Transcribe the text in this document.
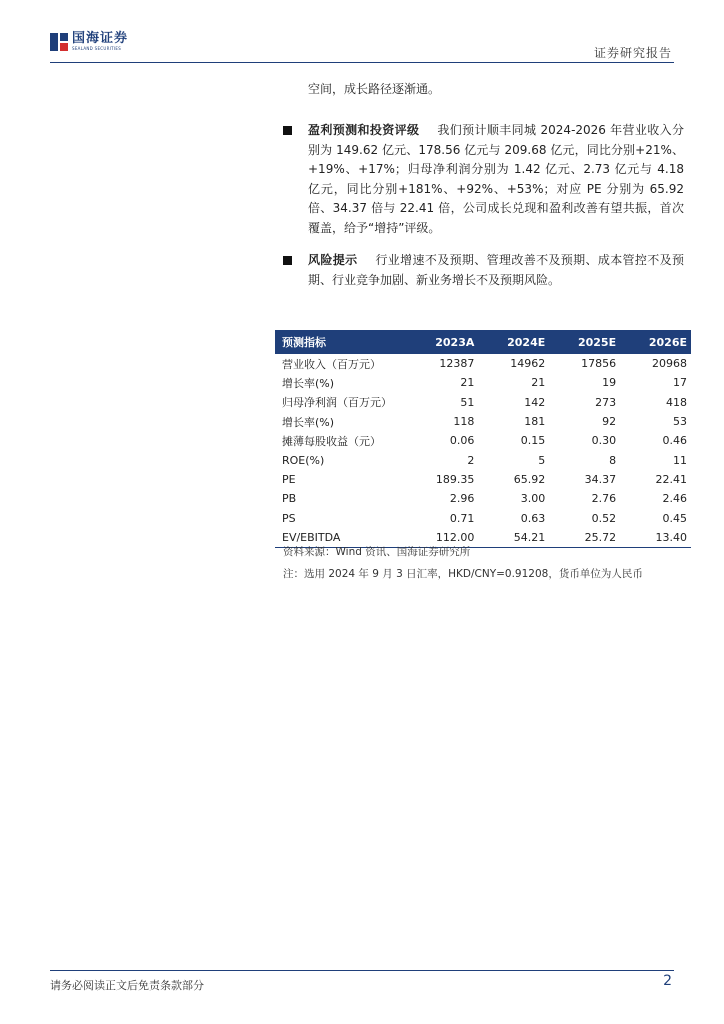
国海证券
SEALAND SECURITIES	证券研究报告
空间，成长路径逐渐通。
盈利预测和投资评级 我们预计顺丰同城 2024-2026 年营业收入分别为 149.62 亿元、178.56 亿元与 209.68 亿元，同比分别+21%、+19%、+17%；归母净利润分别为 1.42 亿元、2.73 亿元与 4.18 亿元，同比分别+181%、+92%、+53%；对应 PE 分别为 65.92 倍、34.37 倍与 22.41 倍，公司成长兑现和盈利改善有望共振，首次覆盖，给予“增持”评级。
风险提示 行业增速不及预期、管理改善不及预期、成本管控不及预期、行业竞争加剧、新业务增长不及预期风险。
预测指标	2023A	2024E	2025E	2026E
营业收入（百万元）	12387	14962	17856	20968
增长率(%)	21	21	19	17
归母净利润（百万元）	51	142	273	418
增长率(%)	118	181	92	53
摊薄每股收益（元）	0.06	0.15	0.30	0.46
ROE(%)	2	5	8	11
PE	189.35	65.92	34.37	22.41
PB	2.96	3.00	2.76	2.46
PS	0.71	0.63	0.52	0.45
EV/EBITDA	112.00	54.21	25.72	13.40
资料来源：Wind 资讯、国海证券研究所
注：选用 2024 年 9 月 3 日汇率，HKD/CNY=0.91208，货币单位为人民币
请务必阅读正文后免责条款部分	2
